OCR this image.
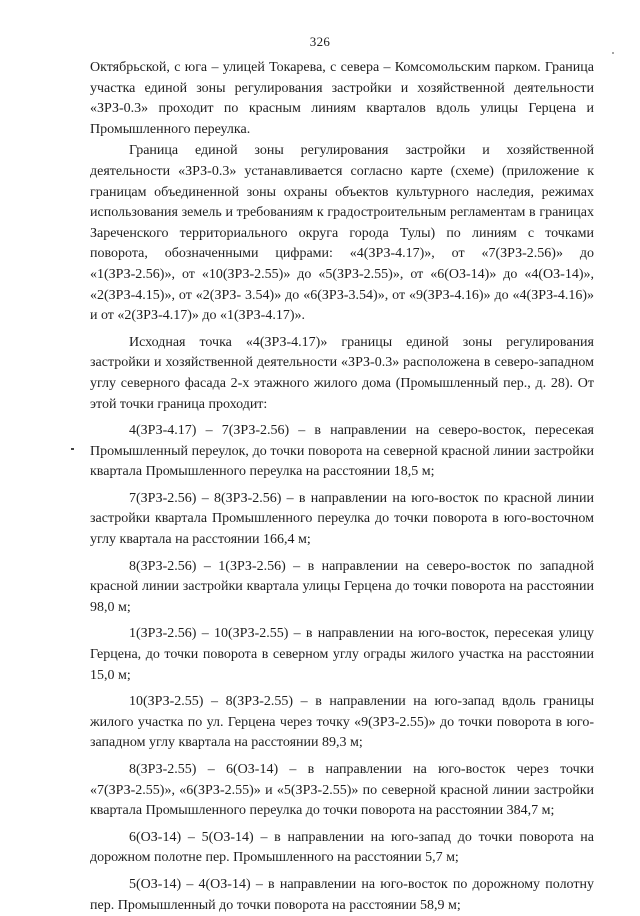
326

Октябрьской, с юга – улицей Токарева, с севера – Комсомольским парком. Граница участка единой зоны регулирования застройки и хозяйственной деятельности «ЗРЗ-0.3» проходит по красным линиям кварталов вдоль улицы Герцена и Промышленного переулка.

Граница единой зоны регулирования застройки и хозяйственной деятельности «ЗРЗ-0.3» устанавливается согласно карте (схеме) (приложение к границам объединенной зоны охраны объектов культурного наследия, режимах использования земель и требованиям к градостроительным регламентам в границах Зареченского территориального округа города Тулы) по линиям с точками поворота, обозначенными цифрами: «4(ЗРЗ-4.17)», от «7(ЗРЗ-2.56)» до «1(ЗРЗ-2.56)», от «10(ЗРЗ-2.55)» до «5(ЗРЗ-2.55)», от «6(ОЗ-14)» до «4(ОЗ-14)», «2(ЗРЗ-4.15)», от «2(ЗРЗ- 3.54)» до «6(ЗРЗ-3.54)», от «9(ЗРЗ-4.16)» до «4(ЗРЗ-4.16)» и от «2(ЗРЗ-4.17)» до «1(ЗРЗ-4.17)».

Исходная точка «4(ЗРЗ-4.17)» границы единой зоны регулирования застройки и хозяйственной деятельности «ЗРЗ-0.3» расположена в северо-западном углу северного фасада 2-х этажного жилого дома (Промышленный пер., д. 28). От этой точки граница проходит:

4(ЗРЗ-4.17) – 7(ЗРЗ-2.56) – в направлении на северо-восток, пересекая Промышленный переулок, до точки поворота на северной красной линии застройки квартала Промышленного переулка на расстоянии 18,5 м;

7(ЗРЗ-2.56) – 8(ЗРЗ-2.56) – в направлении на юго-восток по красной линии застройки квартала Промышленного переулка до точки поворота в юго-восточном углу квартала на расстоянии 166,4 м;

8(ЗРЗ-2.56) – 1(ЗРЗ-2.56) – в направлении на северо-восток по западной красной линии застройки квартала улицы Герцена до точки поворота на расстоянии 98,0 м;

1(ЗРЗ-2.56) – 10(ЗРЗ-2.55) – в направлении на юго-восток, пересекая улицу Герцена, до точки поворота в северном углу ограды жилого участка на расстоянии 15,0 м;

10(ЗРЗ-2.55) – 8(ЗРЗ-2.55) – в направлении на юго-запад вдоль границы жилого участка по ул. Герцена через точку «9(ЗРЗ-2.55)» до точки поворота в юго-западном углу квартала на расстоянии 89,3 м;

8(ЗРЗ-2.55) – 6(ОЗ-14) – в направлении на юго-восток через точки «7(ЗРЗ-2.55)», «6(ЗРЗ-2.55)» и «5(ЗРЗ-2.55)» по северной красной линии застройки квартала Промышленного переулка до точки поворота на расстоянии 384,7 м;

6(ОЗ-14) – 5(ОЗ-14) – в направлении на юго-запад до точки поворота на дорожном полотне пер. Промышленного на расстоянии 5,7 м;

5(ОЗ-14) – 4(ОЗ-14) – в направлении на юго-восток по дорожному полотну пер. Промышленный до точки поворота на расстоянии 58,9 м;
